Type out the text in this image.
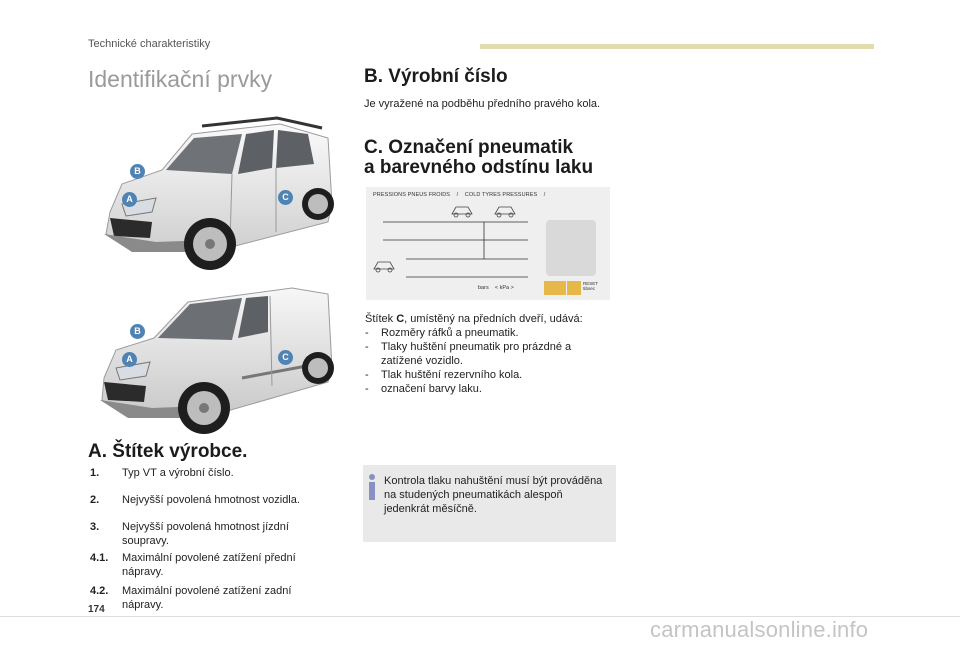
Technické charakteristiky
Identifikační prvky
B
A	C
B
A	C
A. Štítek výrobce.
1. Typ VT a výrobní číslo.
2. Nejvyšší povolená hmotnost vozidla.
3. Nejvyšší povolená hmotnost jízdní soupravy.
4.1. Maximální povolené zatížení přední nápravy.
4.2. Maximální povolené zatížení zadní nápravy.
B. Výrobní číslo
Je vyražené na podběhu předního pravého kola.
C. Označení pneumatik
a barevného odstínu laku
PRESSIONS PNEUS FROIDS / COLD TYRES PRESSURES /
bars < kPa >
RESET
5bsec
Štítek C, umístěný na předních dveří, udává:
- Rozměry ráfků a pneumatik.
- Tlaky huštění pneumatik pro prázdné a zatížené vozidlo.
- Tlak huštění rezervního kola.
- označení barvy laku.
Kontrola tlaku nahuštění musí být prováděna na studených pneumatikách alespoň jedenkrát měsíčně.
174
carmanualsonline.info
